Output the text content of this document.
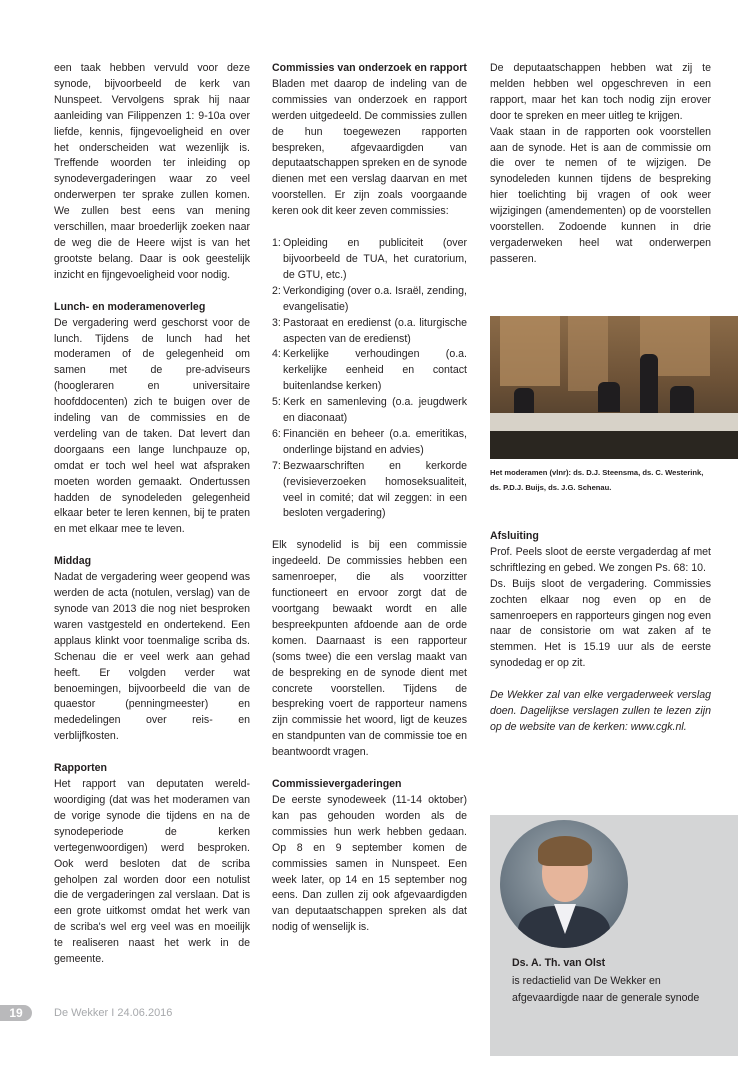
een taak hebben vervuld voor deze synode, bijvoorbeeld de kerk van Nunspeet. Vervolgens sprak hij naar aanleiding van Filippenzen 1: 9-10a over liefde, kennis, fijngevoeligheid en over het onderscheiden wat wezenlijk is. Treffende woorden ter inleiding op synodevergaderingen waar zo veel onderwerpen ter sprake zullen komen. We zullen best eens van mening verschillen, maar broederlijk zoeken naar de weg die de Heere wijst is van het grootste belang. Daar is ook geestelijk inzicht en fijngevoeligheid voor nodig.

Lunch- en moderamenoverleg

De vergadering werd geschorst voor de lunch. Tijdens de lunch had het moderamen of de gelegenheid om samen met de pre-adviseurs (hoogleraren en universitaire hoofddocenten) zich te buigen over de indeling van de commissies en de verdeling van de taken. Dat levert dan doorgaans een lange lunchpauze op, omdat er toch wel heel wat afspraken moeten worden gemaakt. Ondertussen hadden de synodeleden gelegenheid elkaar beter te leren kennen, bij te praten en met elkaar mee te leven.

Middag

Nadat de vergadering weer geopend was werden de acta (notulen, verslag) van de synode van 2013 die nog niet besproken waren vastgesteld en ondertekend. Een applaus klinkt voor toenmalige scriba ds. Schenau die er veel werk aan gehad heeft. Er volgden verder wat benoemingen, bijvoorbeeld die van de quaestor (penningmeester) en mededelingen over reis- en verblijfkosten.

Rapporten

Het rapport van deputaten wereld-woordiging (dat was het moderamen van de vorige synode die tijdens en na de synodeperiode de kerken vertegenwoordigen) werd besproken. Ook werd besloten dat de scriba geholpen zal worden door een notulist die de vergaderingen zal verslaan. Dat is een grote uitkomst omdat het werk van de scriba's wel erg veel was en moeilijk te realiseren naast het werk in de gemeente.

Commissies van onderzoek en rapport

Bladen met daarop de indeling van de commissies van onderzoek en rapport werden uitgedeeld. De commissies zullen de hun toegewezen rapporten bespreken, afgevaardigden van deputaatschappen spreken en de synode dienen met een verslag daarvan en met voorstellen. Er zijn zoals voorgaande keren ook dit keer zeven commissies:

1: Opleiding en publiciteit (over bijvoorbeeld de TUA, het curatorium, de GTU, etc.)
2: Verkondiging (over o.a. Israël, zending, evangelisatie)
3: Pastoraat en eredienst (o.a. liturgische aspecten van de eredienst)
4: Kerkelijke verhoudingen (o.a. kerkelijke eenheid en contact buitenlandse kerken)
5: Kerk en samenleving (o.a. jeugdwerk en diaconaat)
6: Financiën en beheer (o.a. emeritikas, onderlinge bijstand en advies)
7: Bezwaarschriften en kerkorde (revisieverzoeken homoseksualiteit, veel in comité; dat wil zeggen: in een besloten vergadering)

Elk synodelid is bij een commissie ingedeeld. De commissies hebben een samenroeper, die als voorzitter functioneert en ervoor zorgt dat de voortgang bewaakt wordt en alle bespreekpunten afdoende aan de orde komen. Daarnaast is een rapporteur (soms twee) die een verslag maakt van de bespreking en de synode dient met concrete voorstellen. Tijdens de bespreking voert de rapporteur namens zijn commissie het woord, ligt de keuzes en standpunten van de commissie toe en beantwoordt vragen.

Commissievergaderingen

De eerste synodeweek (11-14 oktober) kan pas gehouden worden als de commissies hun werk hebben gedaan. Op 8 en 9 september komen de commissies samen in Nunspeet. Een week later, op 14 en 15 september nog eens. Dan zullen zij ook afgevaardigden van deputaatschappen spreken als dat nodig of wenselijk is.

De deputaatschappen hebben wat zij te melden hebben wel opgeschreven in een rapport, maar het kan toch nodig zijn erover door te spreken en meer uitleg te krijgen.

Vaak staan in de rapporten ook voorstellen aan de synode. Het is aan de commissie om die over te nemen of te wijzigen. De synodeleden kunnen tijdens de bespreking hier toelichting bij vragen of ook weer wijzigingen (amendementen) op de voorstellen voorstellen. Zodoende kunnen in drie vergaderweken heel wat onderwerpen passeren.

Het moderamen (vlnr): ds. D.J. Steensma, ds. C. Westerink, ds. P.D.J. Buijs, ds. J.G. Schenau.

Afsluiting

Prof. Peels sloot de eerste vergaderdag af met schriftlezing en gebed. We zongen Ps. 68: 10.

Ds. Buijs sloot de vergadering. Commissies zochten elkaar nog even op en de samenroepers en rapporteurs gingen nog even naar de consistorie om wat zaken af te stemmen. Het is 15.19 uur als de eerste synodedag er op zit.

De Wekker zal van elke vergaderweek verslag doen. Dagelijkse verslagen zullen te lezen zijn op de website van de kerken: www.cgk.nl.

Ds. A. Th. van Olst
is redactielid van De Wekker en afgevaardigde naar de generale synode
19	De Wekker I 24.06.2016
